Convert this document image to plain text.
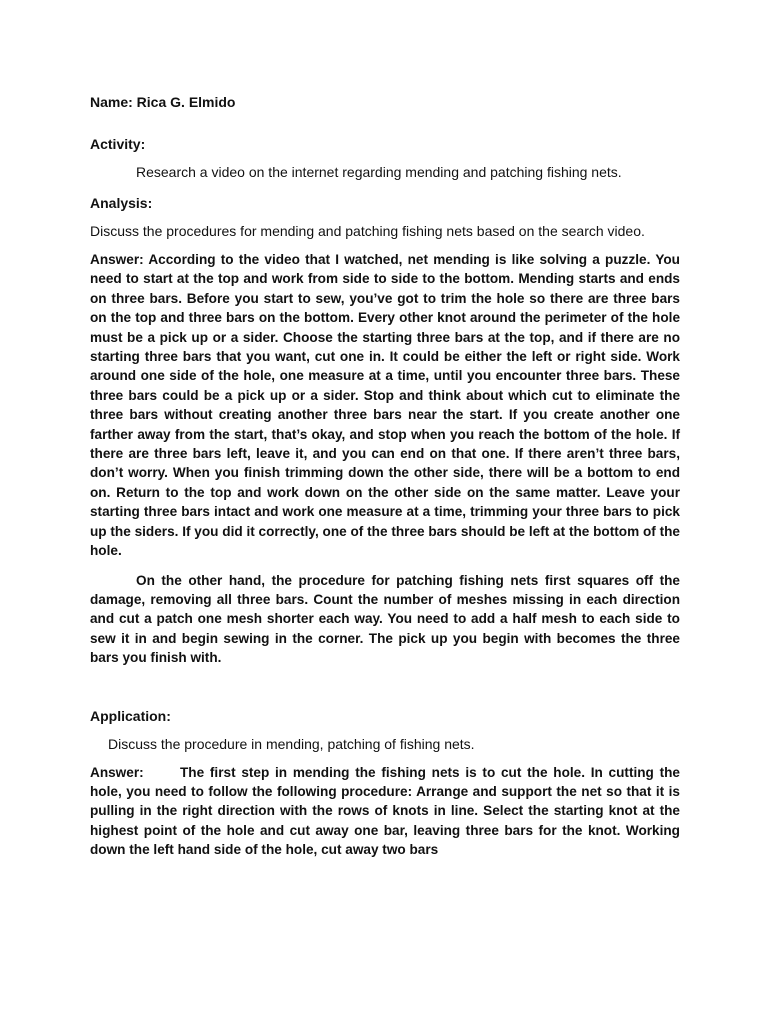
Name: Rica G. Elmido
Activity:
Research a video on the internet regarding mending and patching fishing nets.
Analysis:
Discuss the procedures for mending and patching fishing nets based on the search video.
Answer: According to the video that I watched, net mending is like solving a puzzle. You need to start at the top and work from side to side to the bottom. Mending starts and ends on three bars. Before you start to sew, you’ve got to trim the hole so there are three bars on the top and three bars on the bottom. Every other knot around the perimeter of the hole must be a pick up or a sider. Choose the starting three bars at the top, and if there are no starting three bars that you want, cut one in. It could be either the left or right side. Work around one side of the hole, one measure at a time, until you encounter three bars. These three bars could be a pick up or a sider. Stop and think about which cut to eliminate the three bars without creating another three bars near the start. If you create another one farther away from the start, that’s okay, and stop when you reach the bottom of the hole. If there are three bars left, leave it, and you can end on that one. If there aren’t three bars, don’t worry. When you finish trimming down the other side, there will be a bottom to end on. Return to the top and work down on the other side on the same matter. Leave your starting three bars intact and work one measure at a time, trimming your three bars to pick up the siders. If you did it correctly, one of the three bars should be left at the bottom of the hole.
On the other hand, the procedure for patching fishing nets first squares off the damage, removing all three bars. Count the number of meshes missing in each direction and cut a patch one mesh shorter each way. You need to add a half mesh to each side to sew it in and begin sewing in the corner. The pick up you begin with becomes the three bars you finish with.
Application:
Discuss the procedure in mending, patching of fishing nets.
Answer:	The first step in mending the fishing nets is to cut the hole. In cutting the hole, you need to follow the following procedure: Arrange and support the net so that it is pulling in the right direction with the rows of knots in line. Select the starting knot at the highest point of the hole and cut away one bar, leaving three bars for the knot. Working down the left hand side of the hole, cut away two bars
